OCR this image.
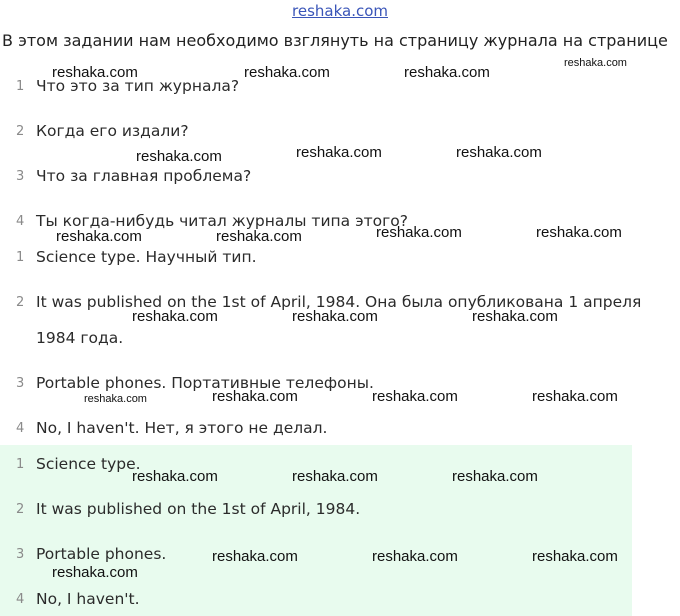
reshaka.com
В этом задании нам необходимо взглянуть на страницу журнала на странице
1 Что это за тип журнала?
2 Когда его издали?
3 Что за главная проблема?
4 Ты когда-нибудь читал журналы типа этого?
1 Science type. Научный тип.
2 It was published on the 1st of April, 1984. Она была опубликована 1 апреля
1984 года.
3 Portable phones. Портативные телефоны.
4 No, I haven't. Нет, я этого не делал.
1 Science type.
2 It was published on the 1st of April, 1984.
3 Portable phones.
4 No, I haven't.
reshaka.com	reshaka.com	reshaka.com
reshaka.com
reshaka.com	reshaka.com	reshaka.com
reshaka.com	reshaka.com	reshaka.com	reshaka.com
reshaka.com	reshaka.com	reshaka.com
reshaka.com	reshaka.com	reshaka.com	reshaka.com
reshaka.com	reshaka.com	reshaka.com
reshaka.com	reshaka.com	reshaka.com
reshaka.com
